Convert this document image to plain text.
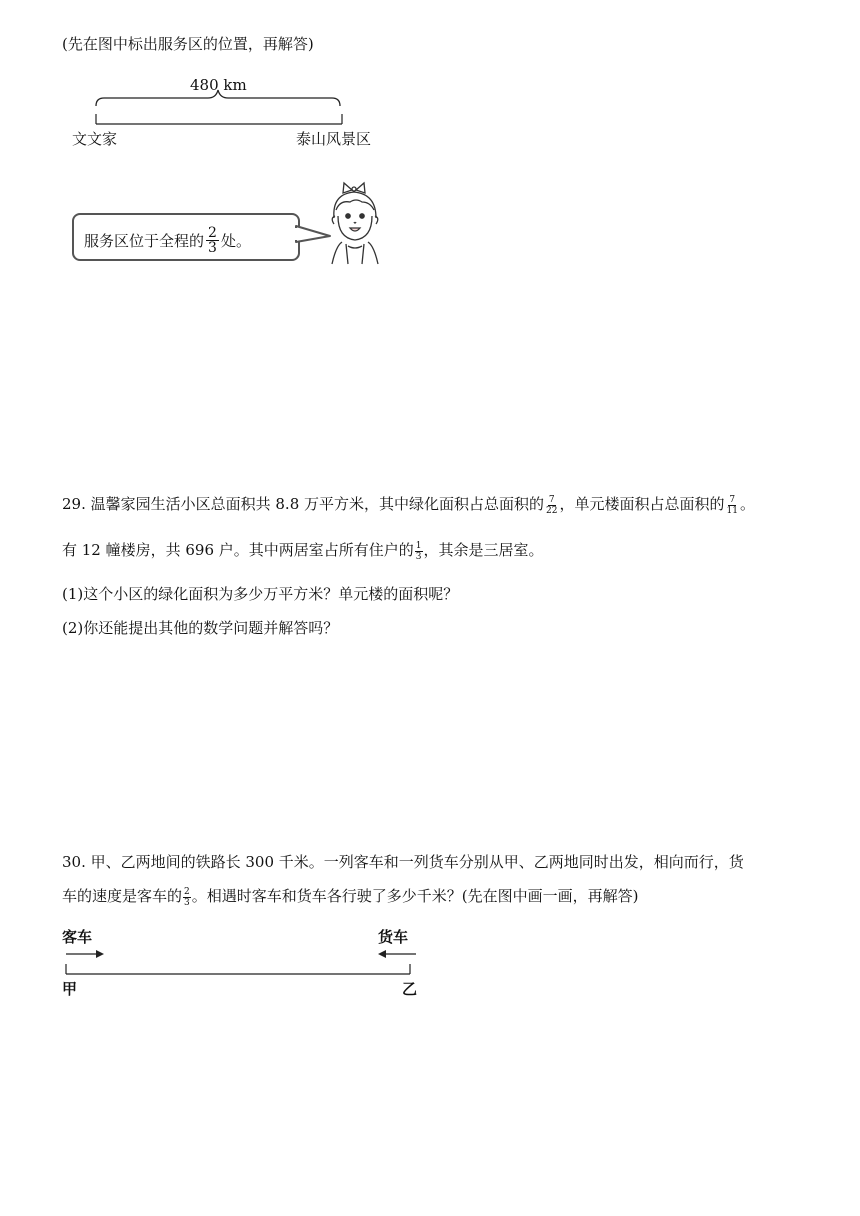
(先在图中标出服务区的位置，再解答)
480 km
文文家	泰山风景区
服务区位于全程的 $\frac{2}{3}$ 处。
29. 温馨家园生活小区总面积共 8.8 万平方米，其中绿化面积占总面积的 $\frac{7}{22}$ ，单元楼面积占总面积的 $\frac{7}{11}$ 。
有 12 幢楼房，共 696 户。其中两居室占所有住户的 $\frac{1}{3}$ ，其余是三居室。
(1)这个小区的绿化面积为多少万平方米？单元楼的面积呢？
(2)你还能提出其他的数学问题并解答吗？
30. 甲、乙两地间的铁路长 300 千米。一列客车和一列货车分别从甲、乙两地同时出发，相向而行，货
车的速度是客车的 $\frac{2}{3}$ 。相遇时客车和货车各行驶了多少千米？(先在图中画一画，再解答)
客车	货车
甲	乙
